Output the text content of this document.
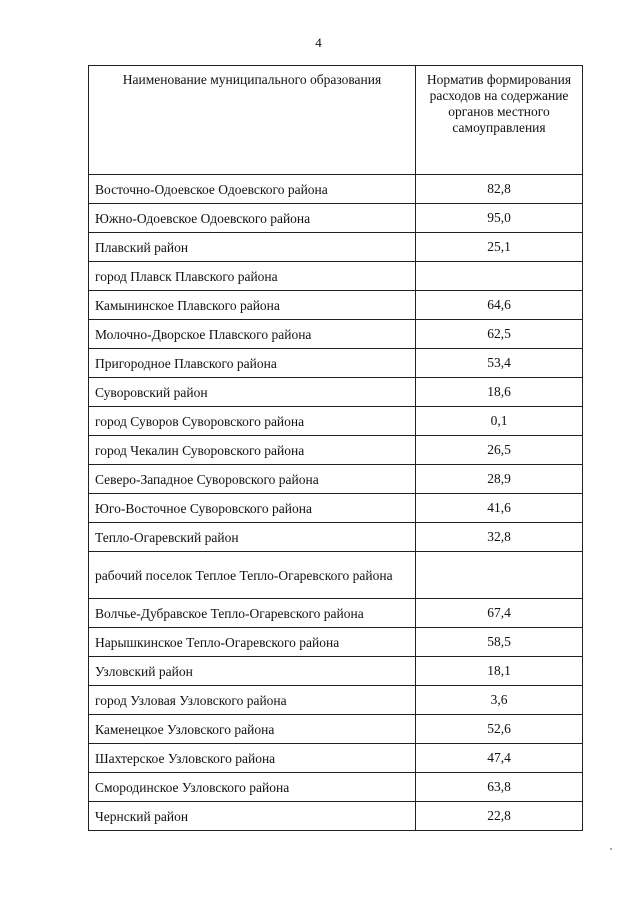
4
Наименование муниципального образования	Норматив формирования расходов на содержание органов местного самоуправления
Восточно-Одоевское Одоевского района	82,8
Южно-Одоевское Одоевского района	95,0
Плавский район	25,1
город Плавск Плавского района	
Камынинское Плавского района	64,6
Молочно-Дворское Плавского района	62,5
Пригородное Плавского района	53,4
Суворовский район	18,6
город Суворов Суворовского района	0,1
город Чекалин Суворовского района	26,5
Северо-Западное Суворовского района	28,9
Юго-Восточное Суворовского района	41,6
Тепло-Огаревский район	32,8
рабочий поселок Теплое Тепло-Огаревского района	
Волчье-Дубравское Тепло-Огаревского района	67,4
Нарышкинское Тепло-Огаревского района	58,5
Узловский район	18,1
город Узловая Узловского района	3,6
Каменецкое Узловского района	52,6
Шахтерское Узловского района	47,4
Смородинское Узловского района	63,8
Чернский район	22,8
